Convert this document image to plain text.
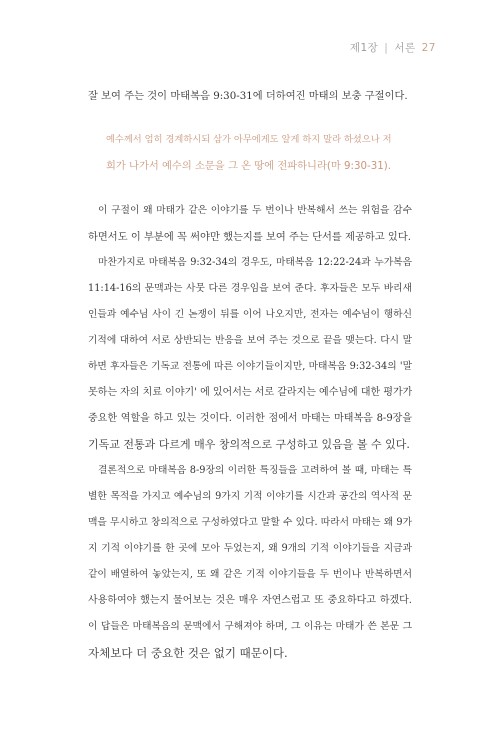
제1장 | 서론 27
잘 보여 주는 것이 마태복음 9:30-31에 더하여진 마태의 보충 구절이다.
예수께서 엄히 경계하시되 삼가 아무에게도 알게 하지 말라 하셨으나 저
희가 나가서 예수의 소문을 그 온 땅에 전파하니라(마 9:30-31).
이 구절이 왜 마태가 같은 이야기를 두 번이나 반복해서 쓰는 위험을 감수
하면서도 이 부분에 꼭 써야만 했는지를 보여 주는 단서를 제공하고 있다.
마찬가지로 마태복음 9:32-34의 경우도, 마태복음 12:22-24과 누가복음
11:14-16의 문맥과는 사뭇 다른 경우임을 보여 준다. 후자들은 모두 바리새
인들과 예수님 사이 긴 논쟁이 뒤를 이어 나오지만, 전자는 예수님이 행하신
기적에 대하여 서로 상반되는 반응을 보여 주는 것으로 끝을 맺는다. 다시 말
하면 후자들은 기독교 전통에 따른 이야기들이지만, 마태복음 9:32-34의 '말
못하는 자의 치료 이야기' 에 있어서는 서로 갈라지는 예수님에 대한 평가가
중요한 역할을 하고 있는 것이다. 이러한 점에서 마태는 마태복음 8-9장을
기독교 전통과 다르게 매우 창의적으로 구성하고 있음을 볼 수 있다.
결론적으로 마태복음 8-9장의 이러한 특징들을 고려하여 볼 때, 마태는 특
별한 목적을 가지고 예수님의 9가지 기적 이야기를 시간과 공간의 역사적 문
맥을 무시하고 창의적으로 구성하였다고 말할 수 있다. 따라서 마태는 왜 9가
지 기적 이야기를 한 곳에 모아 두었는지, 왜 9개의 기적 이야기들을 지금과
같이 배열하여 놓았는지, 또 왜 같은 기적 이야기들을 두 번이나 반복하면서
사용하여야 했는지 물어보는 것은 매우 자연스럽고 또 중요하다고 하겠다.
이 답들은 마태복음의 문맥에서 구해져야 하며, 그 이유는 마태가 쓴 본문 그
자체보다 더 중요한 것은 없기 때문이다.
